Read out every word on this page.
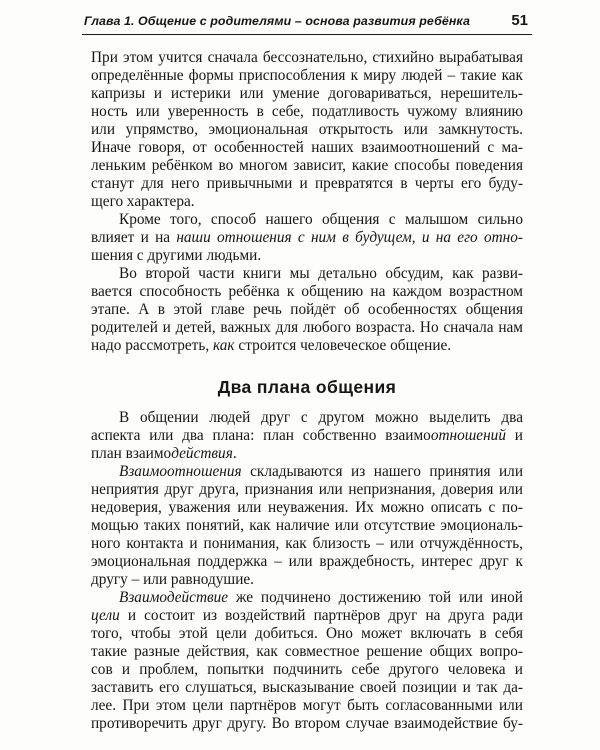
Глава 1. Общение с родителями – основа развития ребёнка	51
При этом учится сначала бессознательно, стихийно вырабатывая
определённые формы приспособления к миру людей – такие как
капризы и истерики или умение договариваться, нерешитель-
ность или уверенность в себе, податливость чужому влиянию
или упрямство, эмоциональная открытость или замкнутость.
Иначе говоря, от особенностей наших взаимоотношений с ма-
леньким ребёнком во многом зависит, какие способы поведения
станут для него привычными и превратятся в черты его буду-
щего характера.
Кроме того, способ нашего общения с малышом сильно
влияет и на наши отношения с ним в будущем, и на его отно-
шения с другими людьми.
Во второй части книги мы детально обсудим, как разви-
вается способность ребёнка к общению на каждом возрастном
этапе. А в этой главе речь пойдёт об особенностях общения
родителей и детей, важных для любого возраста. Но сначала нам
надо рассмотреть, как строится человеческое общение.
Два плана общения
В общении людей друг с другом можно выделить два
аспекта или два плана: план собственно взаимоотношений и
план взаимодействия.
Взаимоотношения складываются из нашего принятия или
неприятия друг друга, признания или непризнания, доверия или
недоверия, уважения или неуважения. Их можно описать с по-
мощью таких понятий, как наличие или отсутствие эмоциональ-
ного контакта и понимания, как близость – или отчуждённость,
эмоциональная поддержка – или враждебность, интерес друг к
другу – или равнодушие.
Взаимодействие же подчинено достижению той или иной
цели и состоит из воздействий партнёров друг на друга ради
того, чтобы этой цели добиться. Оно может включать в себя
такие разные действия, как совместное решение общих вопро-
сов и проблем, попытки подчинить себе другого человека и
заставить его слушаться, высказывание своей позиции и так да-
лее. При этом цели партнёров могут быть согласованными или
противоречить друг другу. Во втором случае взаимодействие бу-
